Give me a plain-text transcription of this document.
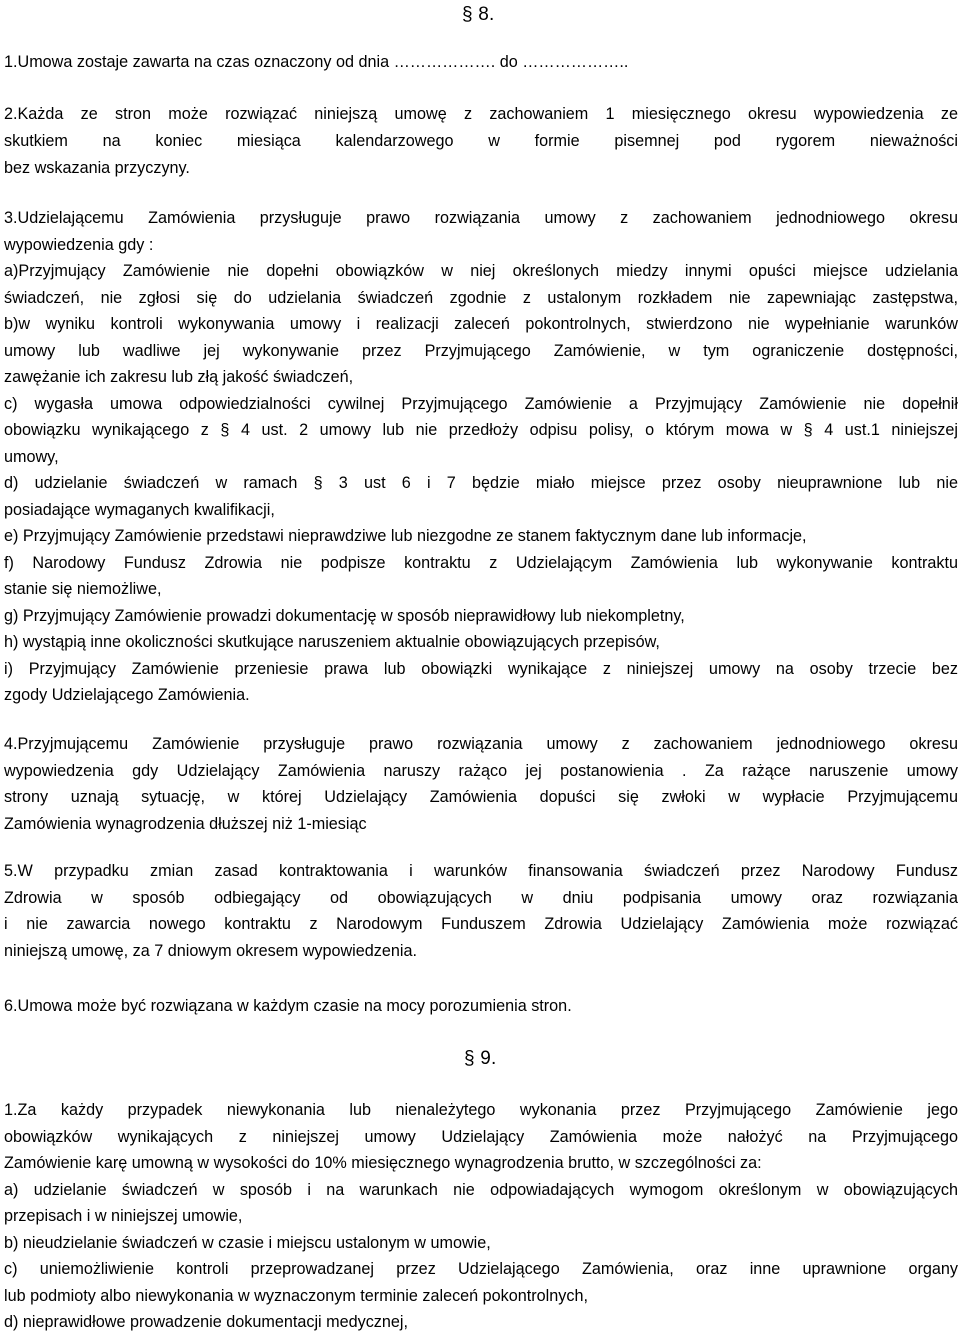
§ 8.
1.Umowa zostaje zawarta na czas oznaczony od dnia ………………. do ………………..
2.Każda ze stron może rozwiązać niniejszą umowę z zachowaniem 1 miesięcznego okresu wypowiedzenia ze
skutkiem na koniec miesiąca kalendarzowego w formie pisemnej pod rygorem nieważności
bez wskazania przyczyny.
3.Udzielającemu Zamówienia przysługuje prawo rozwiązania umowy z zachowaniem jednodniowego okresu
wypowiedzenia gdy :
a)Przyjmujący Zamówienie nie dopełni obowiązków w niej określonych miedzy innymi opuści miejsce udzielania
świadczeń, nie zgłosi się do udzielania świadczeń zgodnie z ustalonym rozkładem nie zapewniając zastępstwa,
b)w wyniku kontroli wykonywania umowy i realizacji zaleceń pokontrolnych, stwierdzono nie wypełnianie warunków
umowy lub wadliwe jej wykonywanie przez Przyjmującego Zamówienie, w tym ograniczenie dostępności,
zawężanie ich zakresu lub złą jakość świadczeń,
c) wygasła umowa odpowiedzialności cywilnej Przyjmującego Zamówienie a Przyjmujący Zamówienie nie dopełnił
obowiązku wynikającego z § 4 ust. 2 umowy lub nie przedłoży odpisu polisy, o którym mowa w § 4 ust.1 niniejszej
umowy,
d) udzielanie świadczeń w ramach § 3 ust 6 i 7 będzie miało miejsce przez osoby nieuprawnione lub nie
posiadające wymaganych kwalifikacji,
e) Przyjmujący Zamówienie przedstawi nieprawdziwe lub niezgodne ze stanem faktycznym dane lub informacje,
f) Narodowy Fundusz Zdrowia nie podpisze kontraktu z Udzielającym Zamówienia lub wykonywanie kontraktu
stanie się niemożliwe,
g) Przyjmujący Zamówienie prowadzi dokumentację w sposób nieprawidłowy lub niekompletny,
h) wystąpią inne okoliczności skutkujące naruszeniem aktualnie obowiązujących przepisów,
i) Przyjmujący Zamówienie przeniesie prawa lub obowiązki wynikające z niniejszej umowy na osoby trzecie bez
zgody Udzielającego Zamówienia.
4.Przyjmującemu Zamówienie przysługuje prawo rozwiązania umowy z zachowaniem jednodniowego okresu
wypowiedzenia gdy Udzielający Zamówienia naruszy rażąco jej postanowienia . Za rażące naruszenie umowy
strony uznają sytuację, w której Udzielający Zamówienia dopuści się zwłoki w wypłacie Przyjmującemu
Zamówienia wynagrodzenia dłuższej niż 1-miesiąc
5.W przypadku zmian zasad kontraktowania i warunków finansowania świadczeń przez Narodowy Fundusz
Zdrowia w sposób odbiegający od obowiązujących w dniu podpisania umowy oraz rozwiązania
i nie zawarcia nowego kontraktu z Narodowym Funduszem Zdrowia Udzielający Zamówienia może rozwiązać
niniejszą umowę, za 7 dniowym okresem wypowiedzenia.
6.Umowa może być rozwiązana w każdym czasie na mocy porozumienia stron.
§ 9.
1.Za każdy przypadek niewykonania lub nienależytego wykonania przez Przyjmującego Zamówienie jego
obowiązków wynikających z niniejszej umowy Udzielający Zamówienia może nałożyć na Przyjmującego
Zamówienie karę umowną w wysokości do 10% miesięcznego wynagrodzenia brutto, w szczególności za:
a) udzielanie świadczeń w sposób i na warunkach nie odpowiadających wymogom określonym w obowiązujących
przepisach i w niniejszej umowie,
b) nieudzielanie świadczeń w czasie i miejscu ustalonym w umowie,
c) uniemożliwienie kontroli przeprowadzanej przez Udzielającego Zamówienia, oraz inne uprawnione organy
lub podmioty albo niewykonania w wyznaczonym terminie zaleceń pokontrolnych,
d) nieprawidłowe prowadzenie dokumentacji medycznej,
